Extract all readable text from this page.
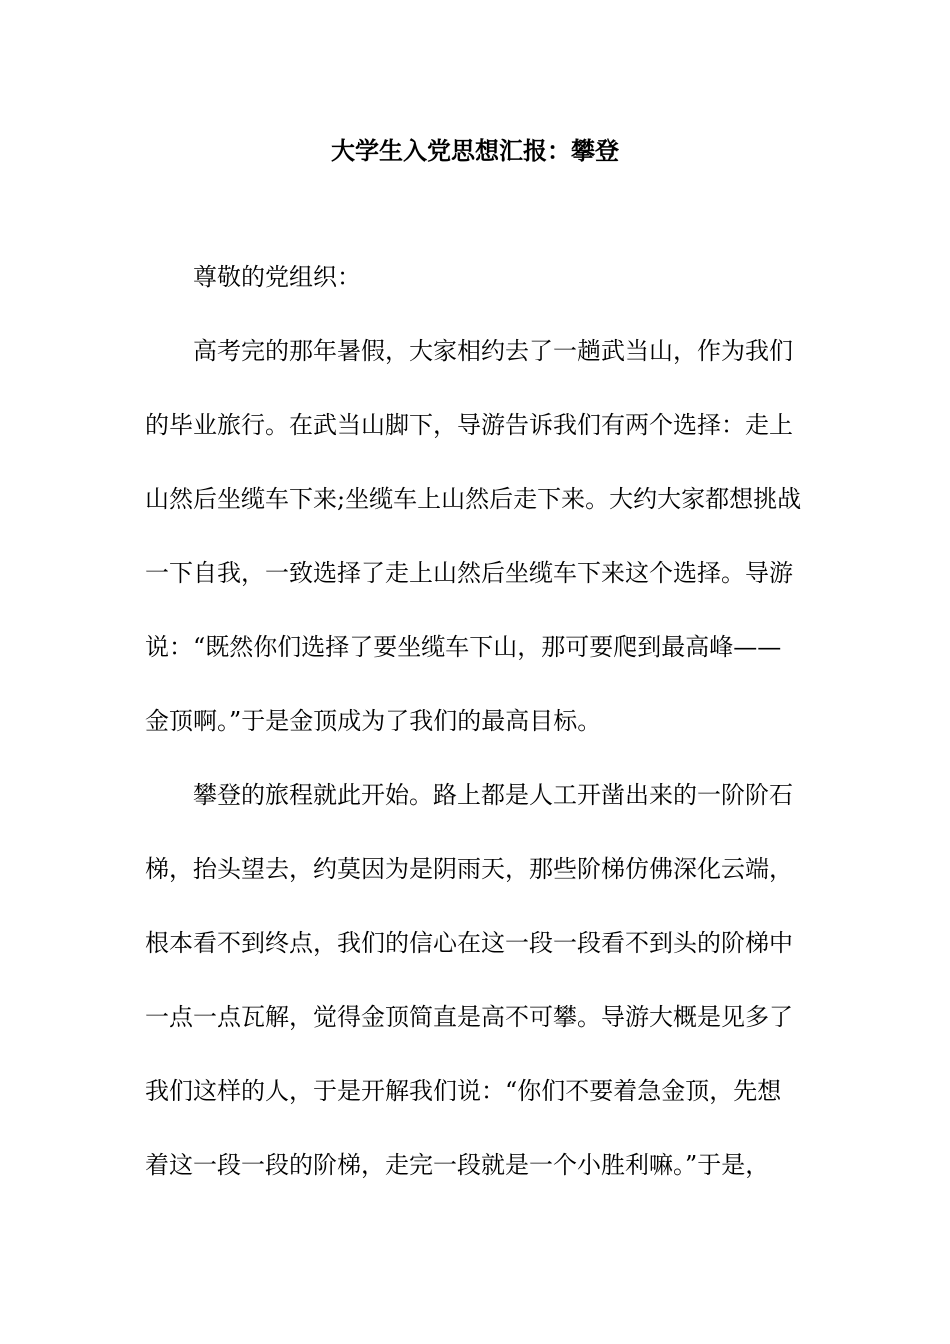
大学生入党思想汇报：攀登

尊敬的党组织：

高考完的那年暑假，大家相约去了一趟武当山，作为我们

的毕业旅行。在武当山脚下，导游告诉我们有两个选择：走上

山然后坐缆车下来;坐缆车上山然后走下来。大约大家都想挑战

一下自我，一致选择了走上山然后坐缆车下来这个选择。导游

说：“既然你们选择了要坐缆车下山，那可要爬到最高峰——

金顶啊。”于是金顶成为了我们的最高目标。

攀登的旅程就此开始。路上都是人工开凿出来的一阶阶石

梯，抬头望去，约莫因为是阴雨天，那些阶梯仿佛深化云端，

根本看不到终点，我们的信心在这一段一段看不到头的阶梯中

一点一点瓦解，觉得金顶简直是高不可攀。导游大概是见多了

我们这样的人，于是开解我们说：“你们不要着急金顶，先想

着这一段一段的阶梯，走完一段就是一个小胜利嘛。”于是，
